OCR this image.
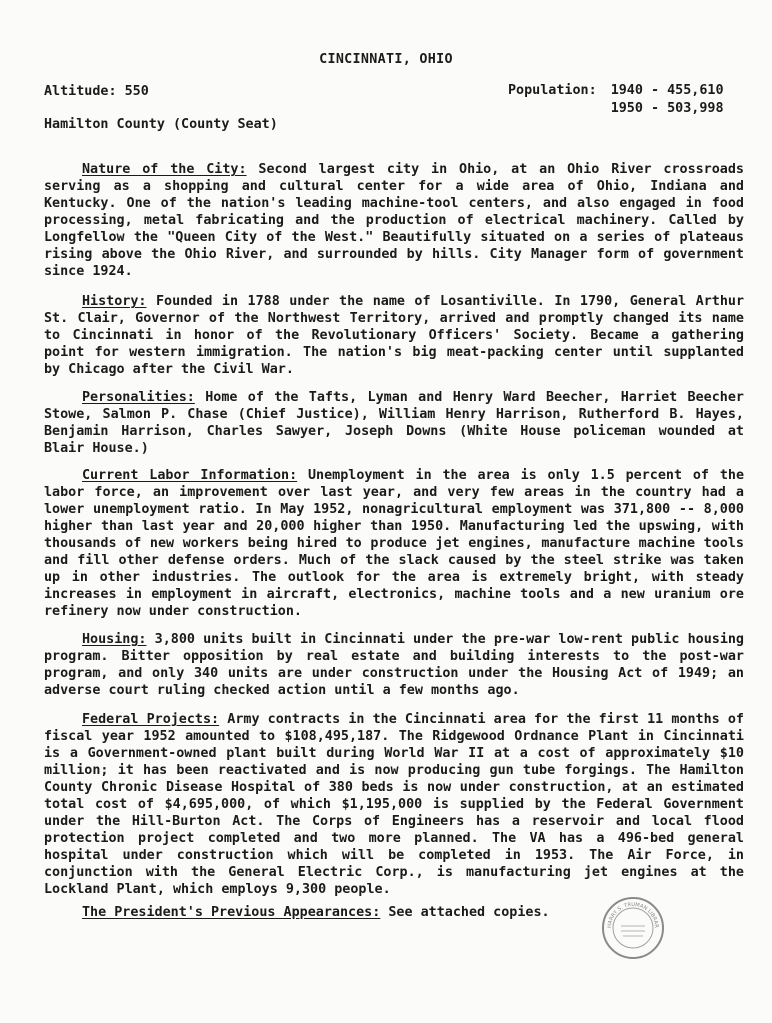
CINCINNATI, OHIO
Altitude: 550	Population: 1940 - 455,610
1950 - 503,998
Hamilton County (County Seat)
Nature of the City: Second largest city in Ohio, at an Ohio River crossroads serving as a shopping and cultural center for a wide area of Ohio, Indiana and Kentucky. One of the nation's leading machine-tool centers, and also engaged in food processing, metal fabricating and the production of electrical machinery. Called by Longfellow the "Queen City of the West." Beautifully situated on a series of plateaus rising above the Ohio River, and surrounded by hills. City Manager form of government since 1924.
History: Founded in 1788 under the name of Losantiville. In 1790, General Arthur St. Clair, Governor of the Northwest Territory, arrived and promptly changed its name to Cincinnati in honor of the Revolutionary Officers' Society. Became a gathering point for western immigration. The nation's big meat-packing center until supplanted by Chicago after the Civil War.
Personalities: Home of the Tafts, Lyman and Henry Ward Beecher, Harriet Beecher Stowe, Salmon P. Chase (Chief Justice), William Henry Harrison, Rutherford B. Hayes, Benjamin Harrison, Charles Sawyer, Joseph Downs (White House policeman wounded at Blair House.)
Current Labor Information: Unemployment in the area is only 1.5 percent of the labor force, an improvement over last year, and very few areas in the country had a lower unemployment ratio. In May 1952, nonagricultural employment was 371,800 -- 8,000 higher than last year and 20,000 higher than 1950. Manufacturing led the upswing, with thousands of new workers being hired to produce jet engines, manufacture machine tools and fill other defense orders. Much of the slack caused by the steel strike was taken up in other industries. The outlook for the area is extremely bright, with steady increases in employment in aircraft, electronics, machine tools and a new uranium ore refinery now under construction.
Housing: 3,800 units built in Cincinnati under the pre-war low-rent public housing program. Bitter opposition by real estate and building interests to the post-war program, and only 340 units are under construction under the Housing Act of 1949; an adverse court ruling checked action until a few months ago.
Federal Projects: Army contracts in the Cincinnati area for the first 11 months of fiscal year 1952 amounted to $108,495,187. The Ridgewood Ordnance Plant in Cincinnati is a Government-owned plant built during World War II at a cost of approximately $10 million; it has been reactivated and is now producing gun tube forgings. The Hamilton County Chronic Disease Hospital of 380 beds is now under construction, at an estimated total cost of $4,695,000, of which $1,195,000 is supplied by the Federal Government under the Hill-Burton Act. The Corps of Engineers has a reservoir and local flood protection project completed and two more planned. The VA has a 496-bed general hospital under construction which will be completed in 1953. The Air Force, in conjunction with the General Electric Corp., is manufacturing jet engines at the Lockland Plant, which employs 9,300 people.
The President's Previous Appearances: See attached copies.
HARRY S. TRUMAN LIBRAR
